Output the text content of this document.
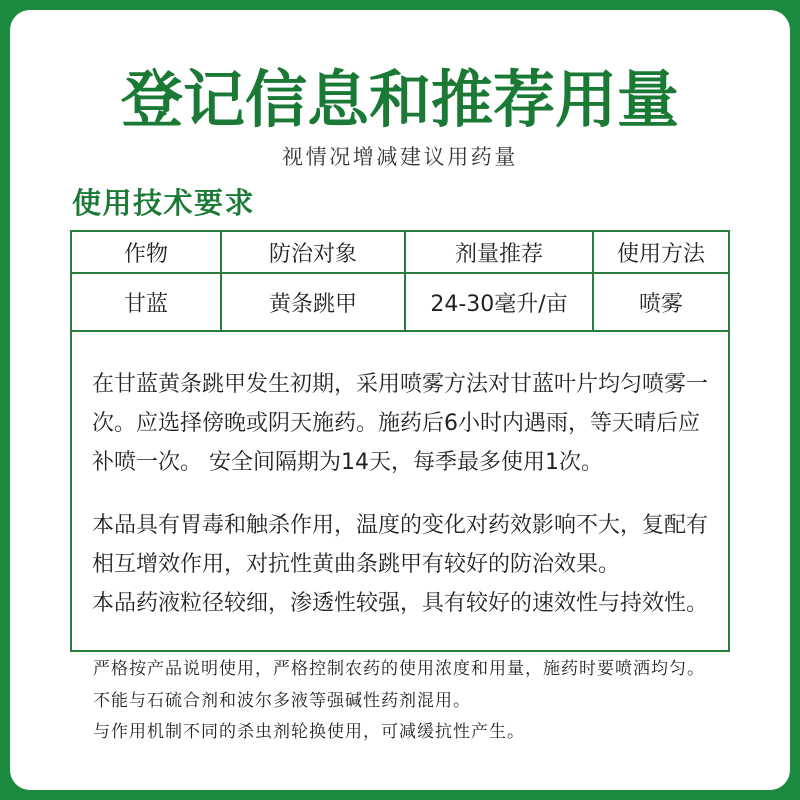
登记信息和推荐用量
视情况增减建议用药量
使用技术要求
作物	防治对象	剂量推荐	使用方法
甘蓝	黄条跳甲	24-30毫升/亩	喷雾

在甘蓝黄条跳甲发生初期，采用喷雾方法对甘蓝叶片均匀喷雾一
次。应选择傍晚或阴天施药。施药后6小时内遇雨，等天晴后应
补喷一次。 安全间隔期为14天，每季最多使用1次。

本品具有胃毒和触杀作用，温度的变化对药效影响不大，复配有
相互增效作用，对抗性黄曲条跳甲有较好的防治效果。

本品药液粒径较细，渗透性较强，具有较好的速效性与持效性。

严格按产品说明使用，严格控制农药的使用浓度和用量，施药时要喷洒均匀。
不能与石硫合剂和波尔多液等强碱性药剂混用。
与作用机制不同的杀虫剂轮换使用，可减缓抗性产生。
